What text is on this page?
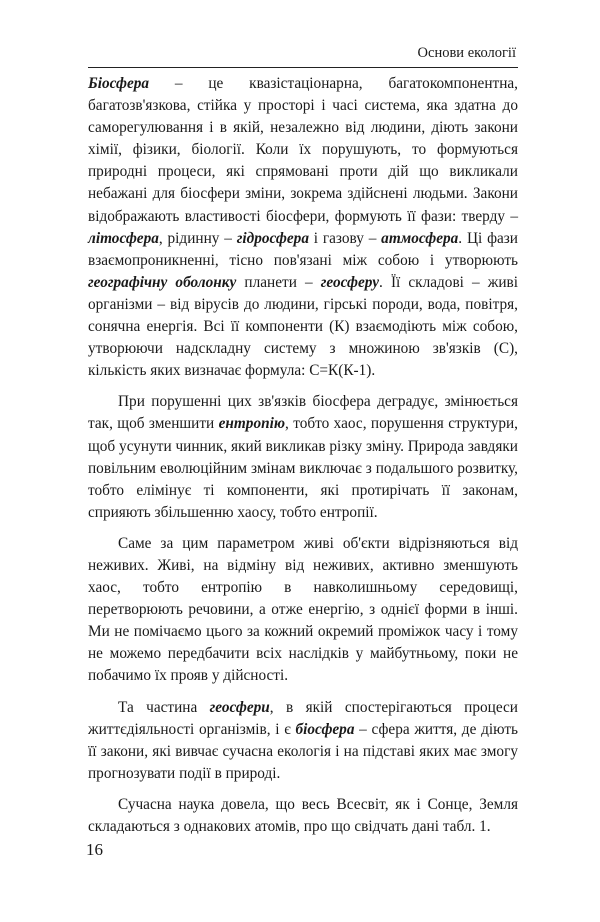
Основи екології

Біосфера – це квазістаціонарна, багатокомпонентна, багатозв'язкова, стійка у просторі і часі система, яка здатна до саморегулювання і в якій, незалежно від людини, діють закони хімії, фізики, біології. Коли їх порушують, то формуються природні процеси, які спрямовані проти дій що викликали небажані для біосфери зміни, зокрема здійснені людьми. Закони відображають властивості біосфери, формують її фази: тверду – літосфера, рідинну – гідросфера і газову – атмосфера. Ці фази взаємопроникненні, тісно пов'язані між собою і утворюють географічну оболонку планети – геосферу. Її складові – живі організми – від вірусів до людини, гірські породи, вода, повітря, сонячна енергія. Всі її компоненти (К) взаємодіють між собою, утворюючи надскладну систему з множиною зв'язків (С), кількість яких визначає формула: С=К(К-1).

При порушенні цих зв'язків біосфера деградує, змінюється так, щоб зменшити ентропію, тобто хаос, порушення структури, щоб усунути чинник, який викликав різку зміну. Природа завдяки повільним еволюційним змінам виключає з подальшого розвитку, тобто елімінує ті компоненти, які протирічать її законам, сприяють збільшенню хаосу, тобто ентропії.

Саме за цим параметром живі об'єкти відрізняються від неживих. Живі, на відміну від неживих, активно зменшують хаос, тобто ентропію в навколишньому середовищі, перетворюють речовини, а отже енергію, з однієї форми в інші. Ми не помічаємо цього за кожний окремий проміжок часу і тому не можемо передбачити всіх наслідків у майбутньому, поки не побачимо їх прояв у дійсності.

Та частина геосфери, в якій спостерігаються процеси життєдіяльності організмів, і є біосфера – сфера життя, де діють її закони, які вивчає сучасна екологія і на підставі яких має змогу прогнозувати події в природі.

Сучасна наука довела, що весь Всесвіт, як і Сонце, Земля складаються з однакових атомів, про що свідчать дані табл. 1.

16
